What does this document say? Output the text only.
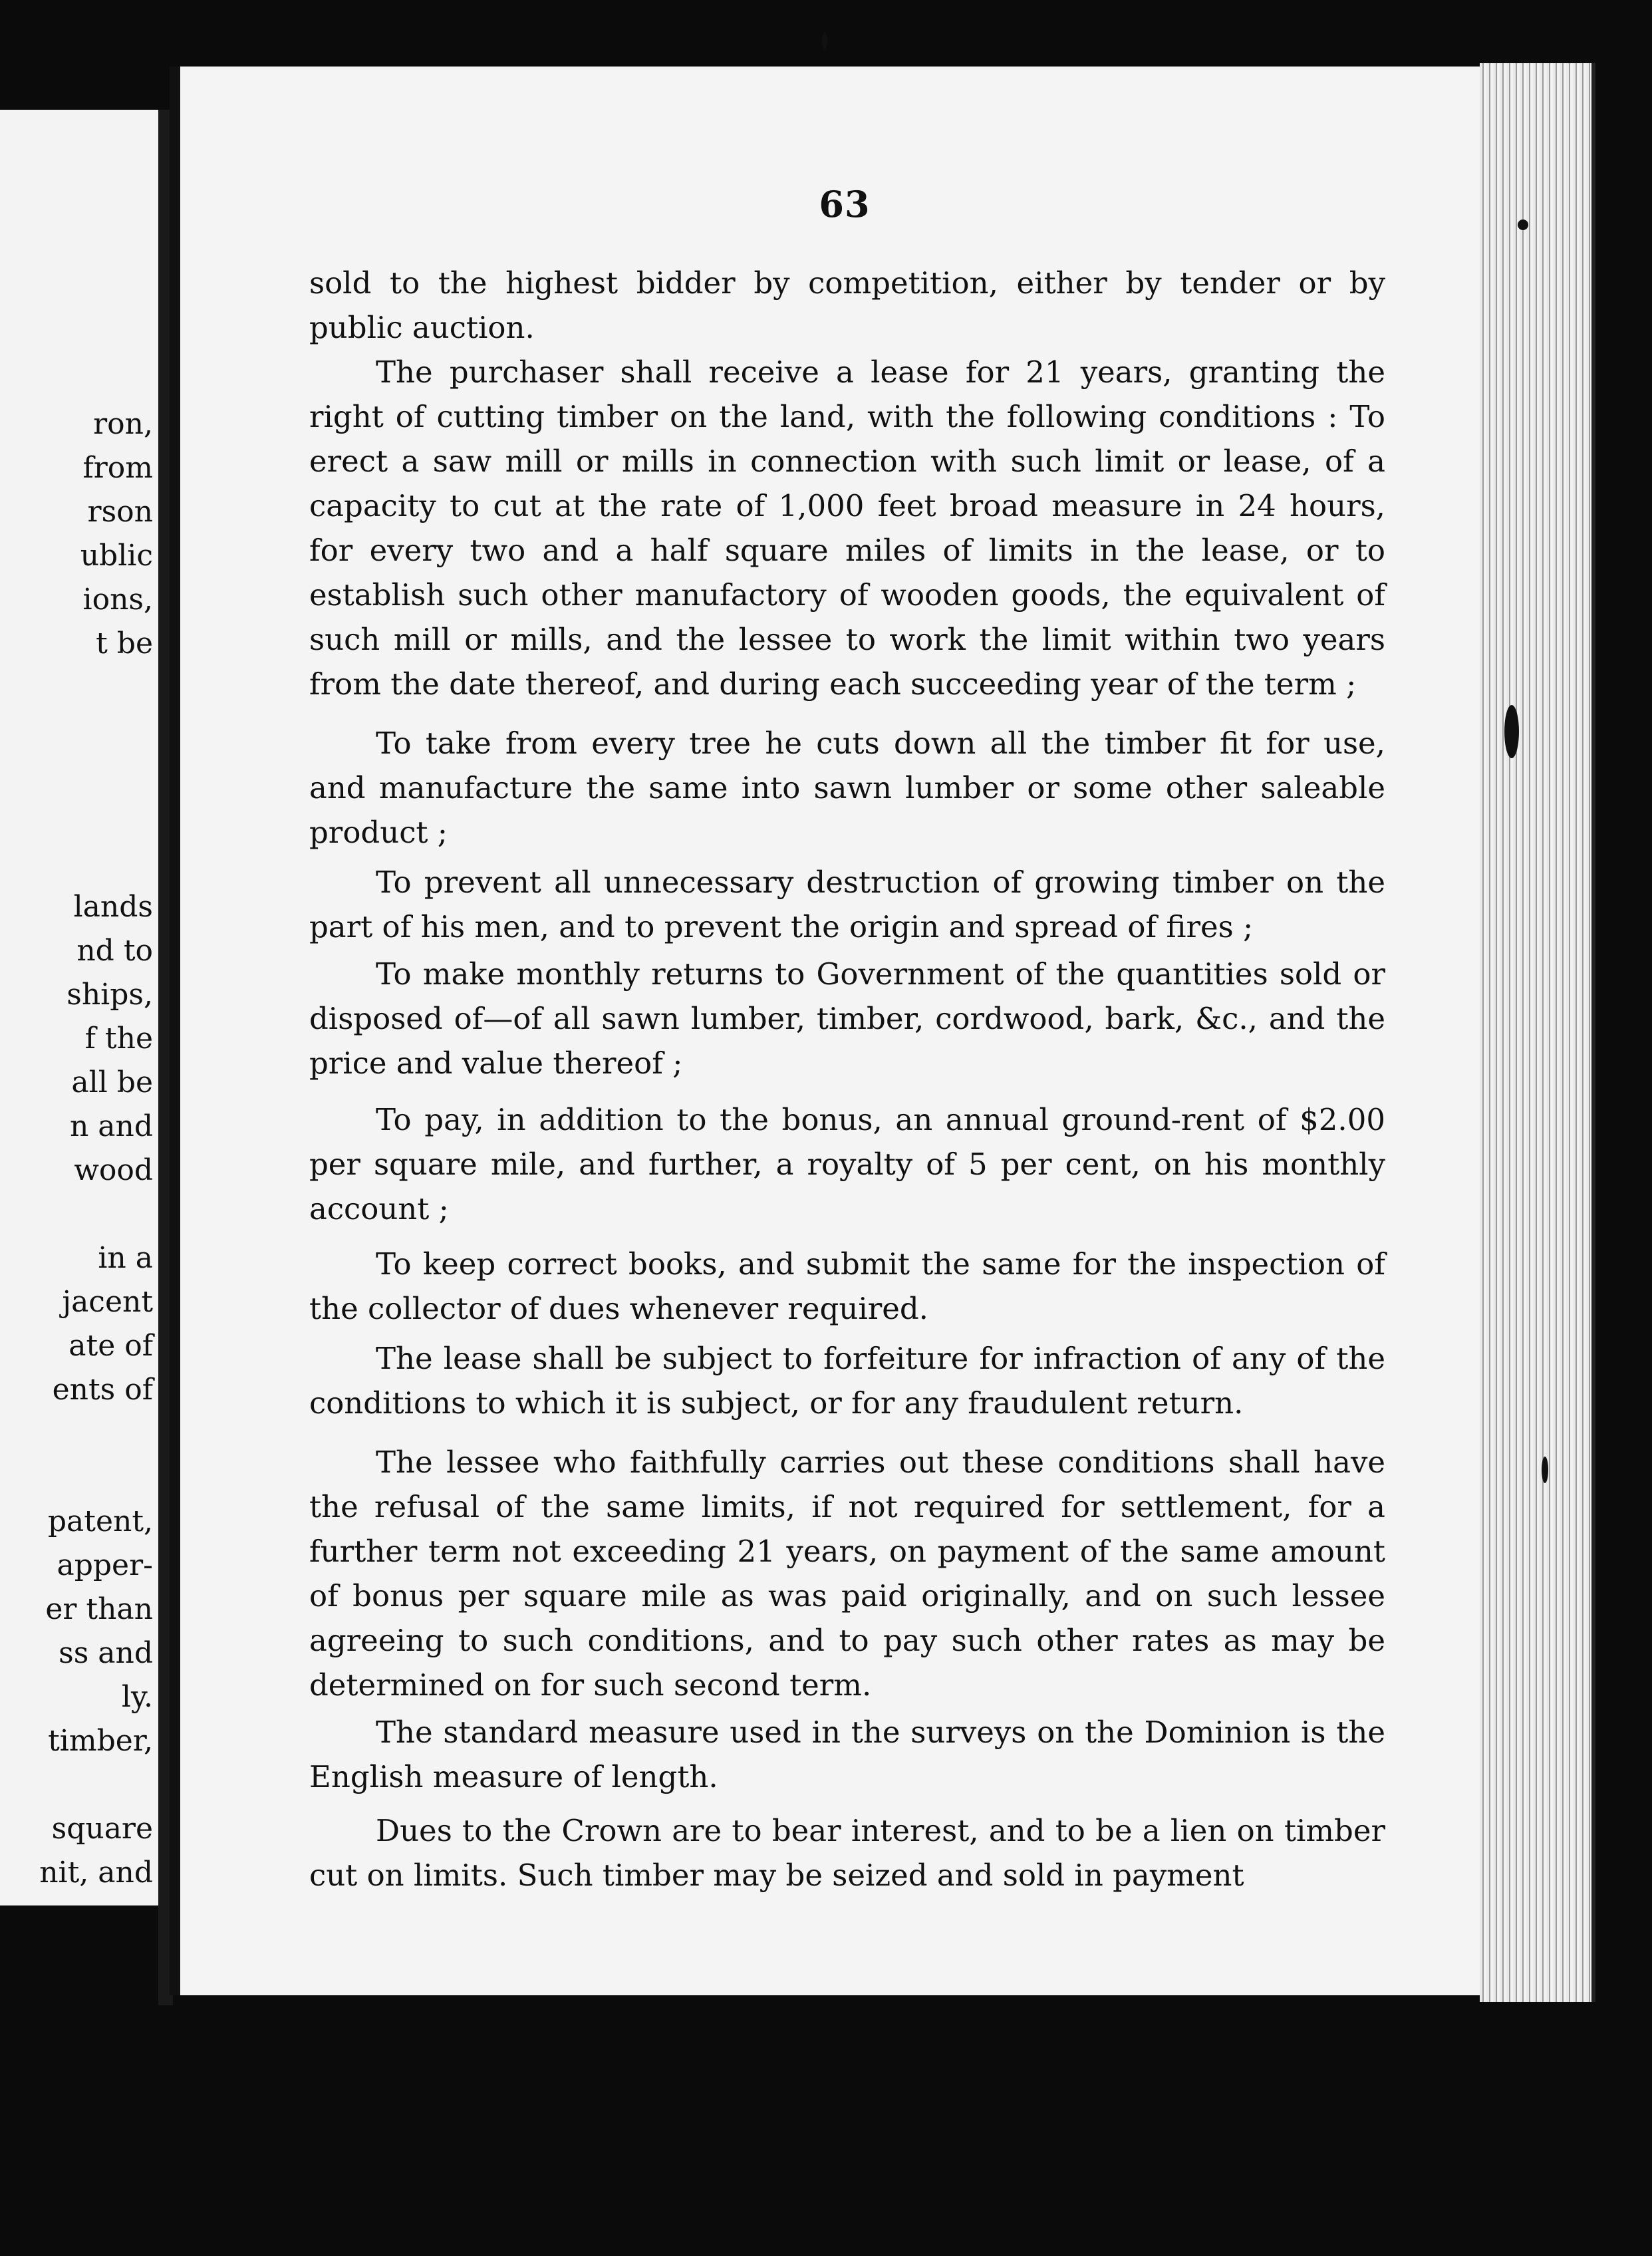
ron,
from
rson
ublic
ions,
t be
lands
nd to
ships,
f the
all be
n and
wood
in a
jacent
ate of
ents of
patent,
apper-
er than
ss and
ly.
timber,
square
nit, and
63

sold to the highest bidder by competition, either by tender or by public auction.

The purchaser shall receive a lease for 21 years, granting the right of cutting timber on the land, with the following conditions : To erect a saw mill or mills in connection with such limit or lease, of a capacity to cut at the rate of 1,000 feet broad measure in 24 hours, for every two and a half square miles of limits in the lease, or to establish such other manufactory of wooden goods, the equivalent of such mill or mills, and the lessee to work the limit within two years from the date thereof, and during each succeeding year of the term ;

To take from every tree he cuts down all the timber fit for use, and manufacture the same into sawn lumber or some other saleable product ;

To prevent all unnecessary destruction of growing timber on the part of his men, and to prevent the origin and spread of fires ;

To make monthly returns to Government of the quantities sold or disposed of—of all sawn lumber, timber, cordwood, bark, &c., and the price and value thereof ;

To pay, in addition to the bonus, an annual ground-rent of $2.00 per square mile, and further, a royalty of 5 per cent, on his monthly account ;

To keep correct books, and submit the same for the inspection of the collector of dues whenever required.

The lease shall be subject to forfeiture for infraction of any of the conditions to which it is subject, or for any fraudulent return.

The lessee who faithfully carries out these conditions shall have the refusal of the same limits, if not required for settlement, for a further term not exceeding 21 years, on payment of the same amount of bonus per square mile as was paid originally, and on such lessee agreeing to such conditions, and to pay such other rates as may be determined on for such second term.

The standard measure used in the surveys on the Dominion is the English measure of length.

Dues to the Crown are to bear interest, and to be a lien on timber cut on limits. Such timber may be seized and sold in payment
